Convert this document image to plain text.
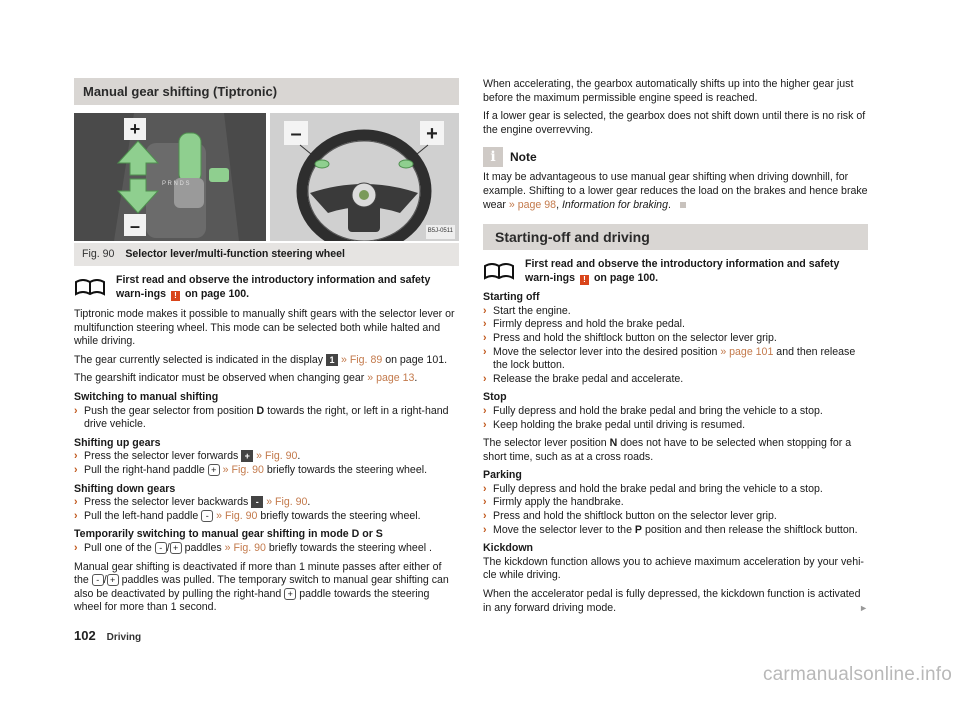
Manual gear shifting (Tiptronic)
+
–
P R N D S
–	+
B5J-0511
Fig. 90 Selector lever/multi-function steering wheel
First read and observe the introductory information and safety warn-ings ! on page 100.

Tiptronic mode makes it possible to manually shift gears with the selector lever or multifunction steering wheel. This mode can be selected both while halted and while driving.

The gear currently selected is indicated in the display 1 » Fig. 89 on page 101.

The gearshift indicator must be observed when changing gear » page 13.

Switching to manual shifting
› Push the gear selector from position D towards the right, or left in a right-hand drive vehicle.
Shifting up gears
› Press the selector lever forwards + » Fig. 90.
› Pull the right-hand paddle + » Fig. 90 briefly towards the steering wheel.
Shifting down gears
› Press the selector lever backwards - » Fig. 90.
› Pull the left-hand paddle - » Fig. 90 briefly towards the steering wheel.
Temporarily switching to manual gear shifting in mode D or S
› Pull one of the - / + paddles » Fig. 90 briefly towards the steering wheel .

Manual gear shifting is deactivated if more than 1 minute passes after either of the - / + paddles was pulled. The temporary switch to manual gear shifting can also be deactivated by pulling the right-hand + paddle towards the steering wheel for more than 1 second.

When accelerating, the gearbox automatically shifts up into the higher gear just before the maximum permissible engine speed is reached.

If a lower gear is selected, the gearbox does not shift down until there is no risk of the engine overrevving.

i	Note

It may be advantageous to use manual gear shifting when driving downhill, for example. Shifting to a lower gear reduces the load on the brakes and hence brake wear » page 98, Information for braking.

Starting-off and driving
First read and observe the introductory information and safety warn-ings ! on page 100.
Starting off
› Start the engine.
› Firmly depress and hold the brake pedal.
› Press and hold the shiftlock button on the selector lever grip.
› Move the selector lever into the desired position » page 101 and then release the lock button.
› Release the brake pedal and accelerate.
Stop
› Fully depress and hold the brake pedal and bring the vehicle to a stop.
› Keep holding the brake pedal until driving is resumed.

The selector lever position N does not have to be selected when stopping for a short time, such as at a cross roads.

Parking
› Fully depress and hold the brake pedal and bring the vehicle to a stop.
› Firmly apply the handbrake.
› Press and hold the shiftlock button on the selector lever grip.
› Move the selector lever to the P position and then release the shiftlock button.
Kickdown

The kickdown function allows you to achieve maximum acceleration by your vehi-cle while driving.

When the accelerator pedal is fully depressed, the kickdown function is activated in any forward driving mode.	►

102 Driving
carmanualsonline.info
